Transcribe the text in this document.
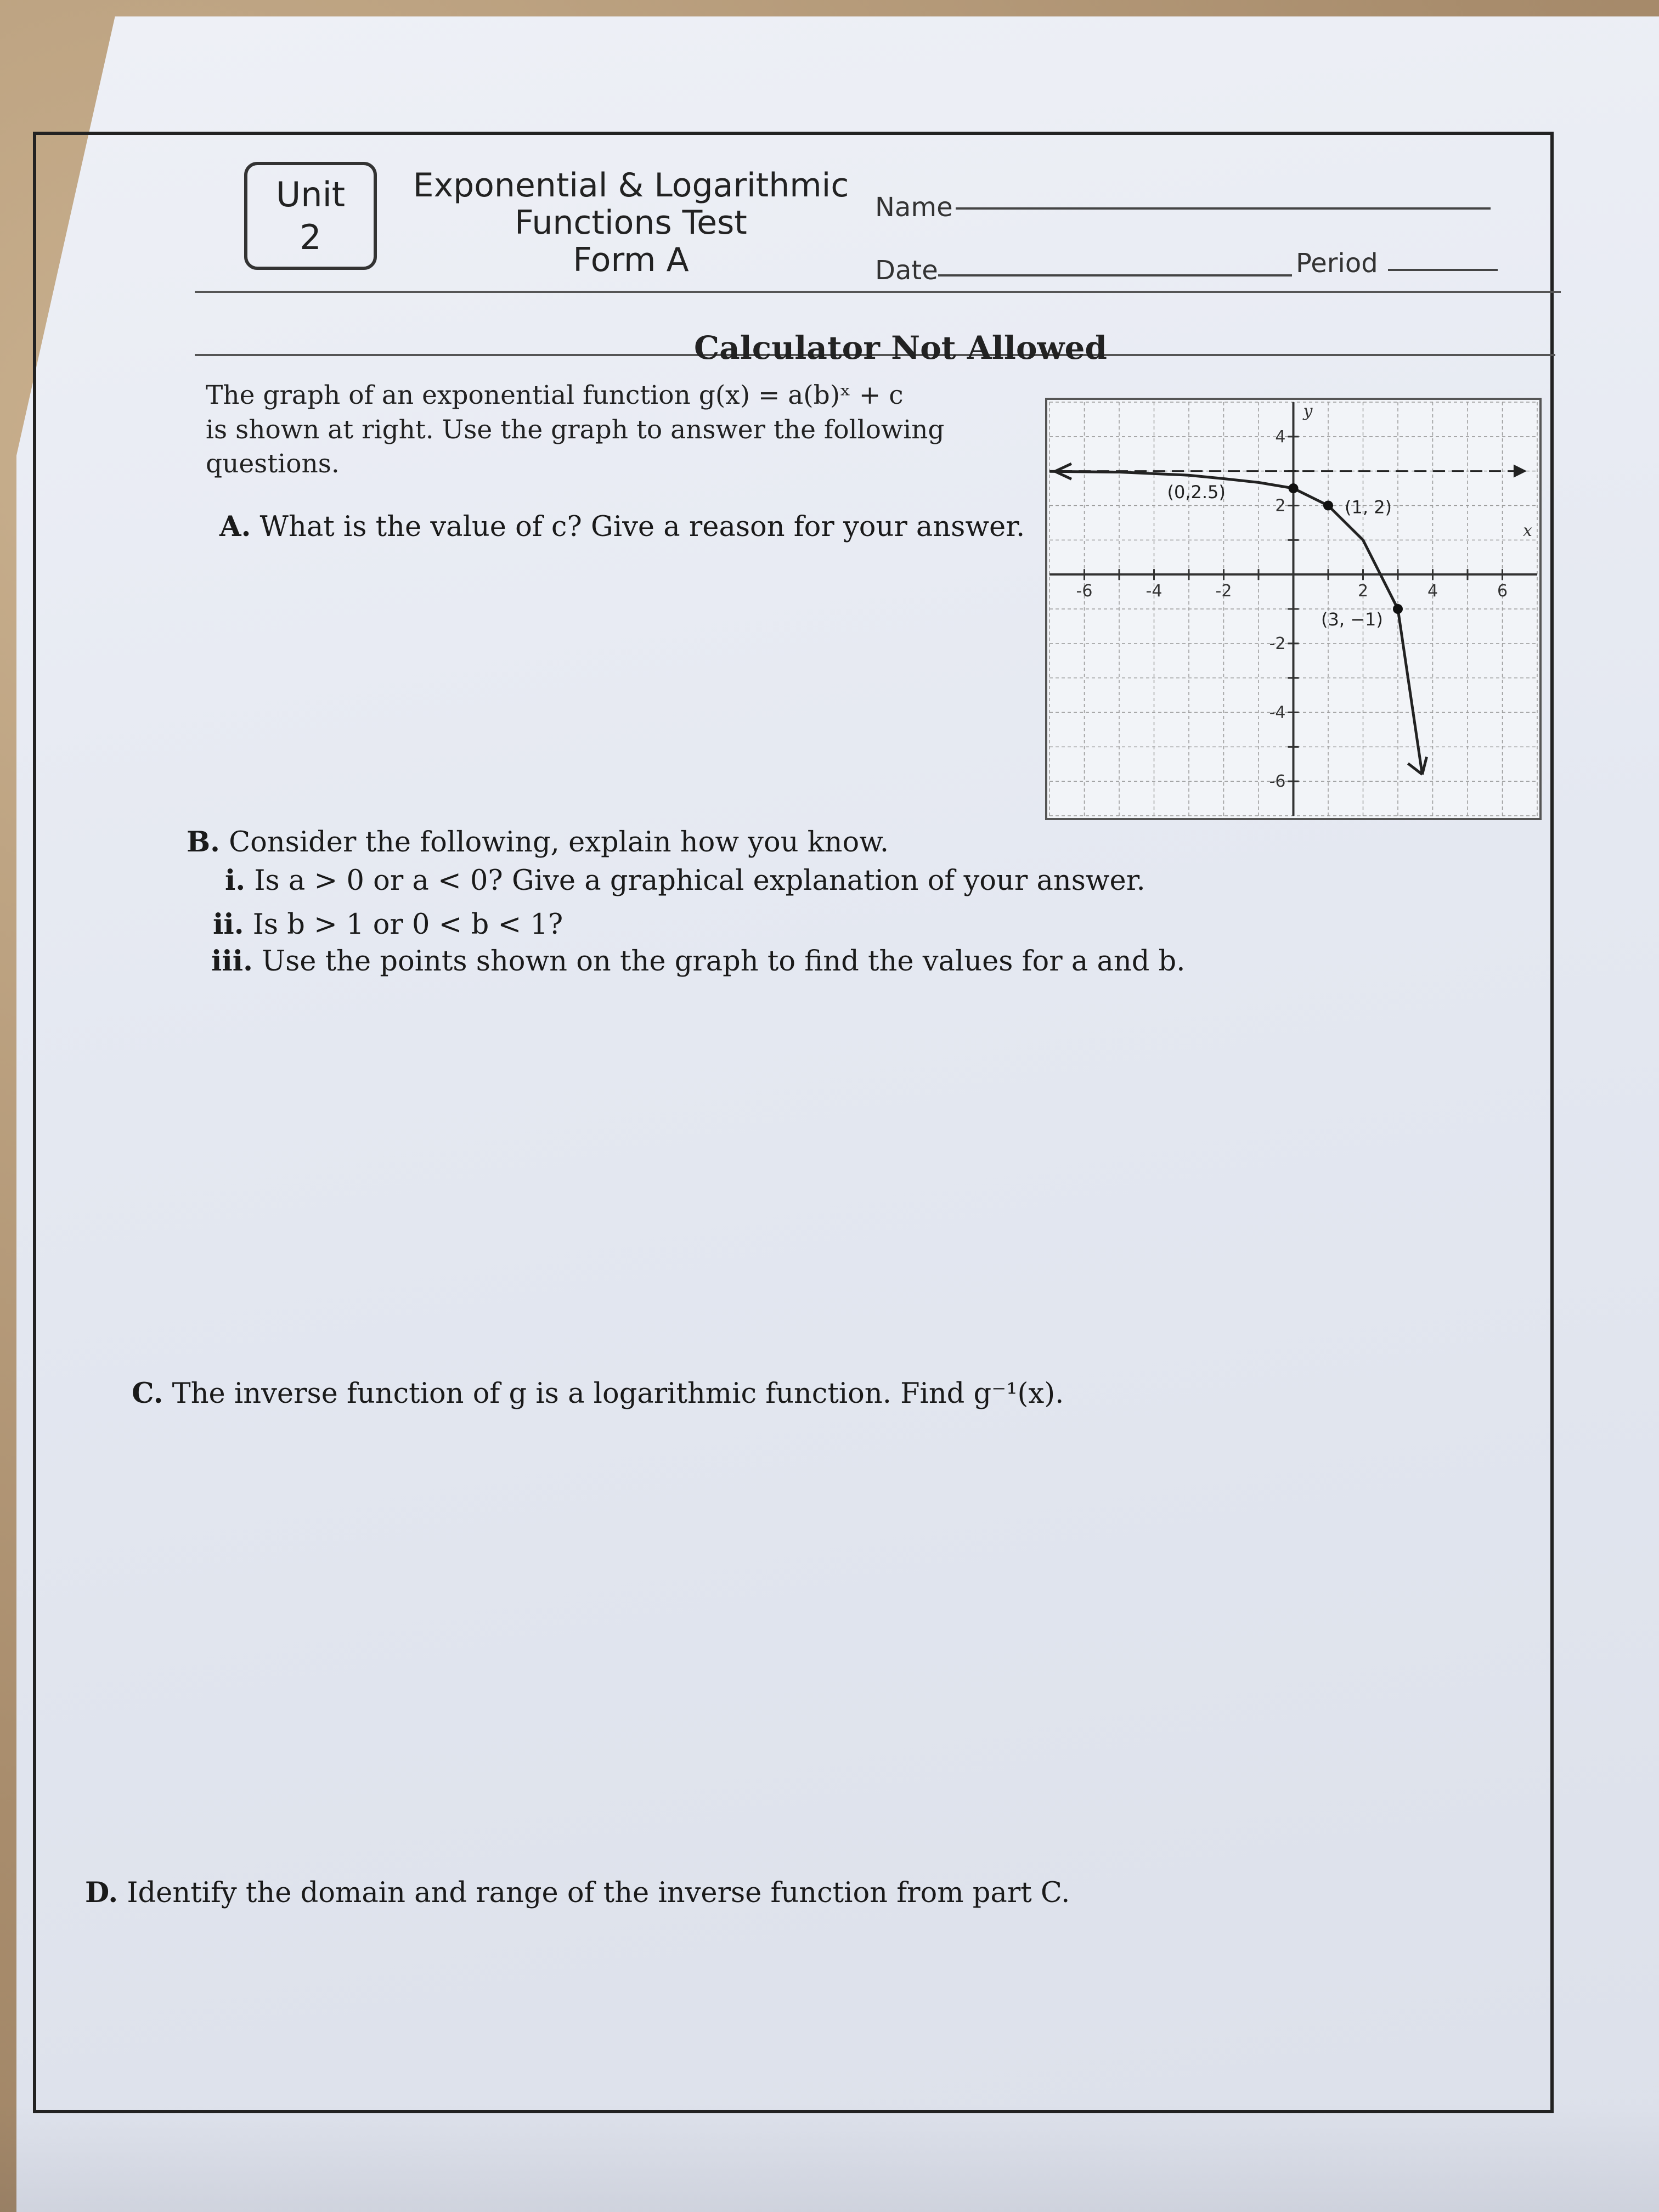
Unit
2
Exponential & Logarithmic
Functions Test
Form A
Name
Date	Period
Calculator Not Allowed
The graph of an exponential function g(x) = a(b)ˣ + c
is shown at right. Use the graph to answer the following
questions.
A. What is the value of c? Give a reason for your answer.
-6	-4	-2	2	4	6
4
2
-2
-4
-6
y
x
(0,2.5)
(1, 2)
(3, −1)
B. Consider the following, explain how you know.
i. Is a > 0 or a < 0? Give a graphical explanation of your answer.
ii. Is b > 1 or 0 < b < 1?
iii. Use the points shown on the graph to find the values for a and b.
C. The inverse function of g is a logarithmic function. Find g⁻¹(x).
D. Identify the domain and range of the inverse function from part C.
